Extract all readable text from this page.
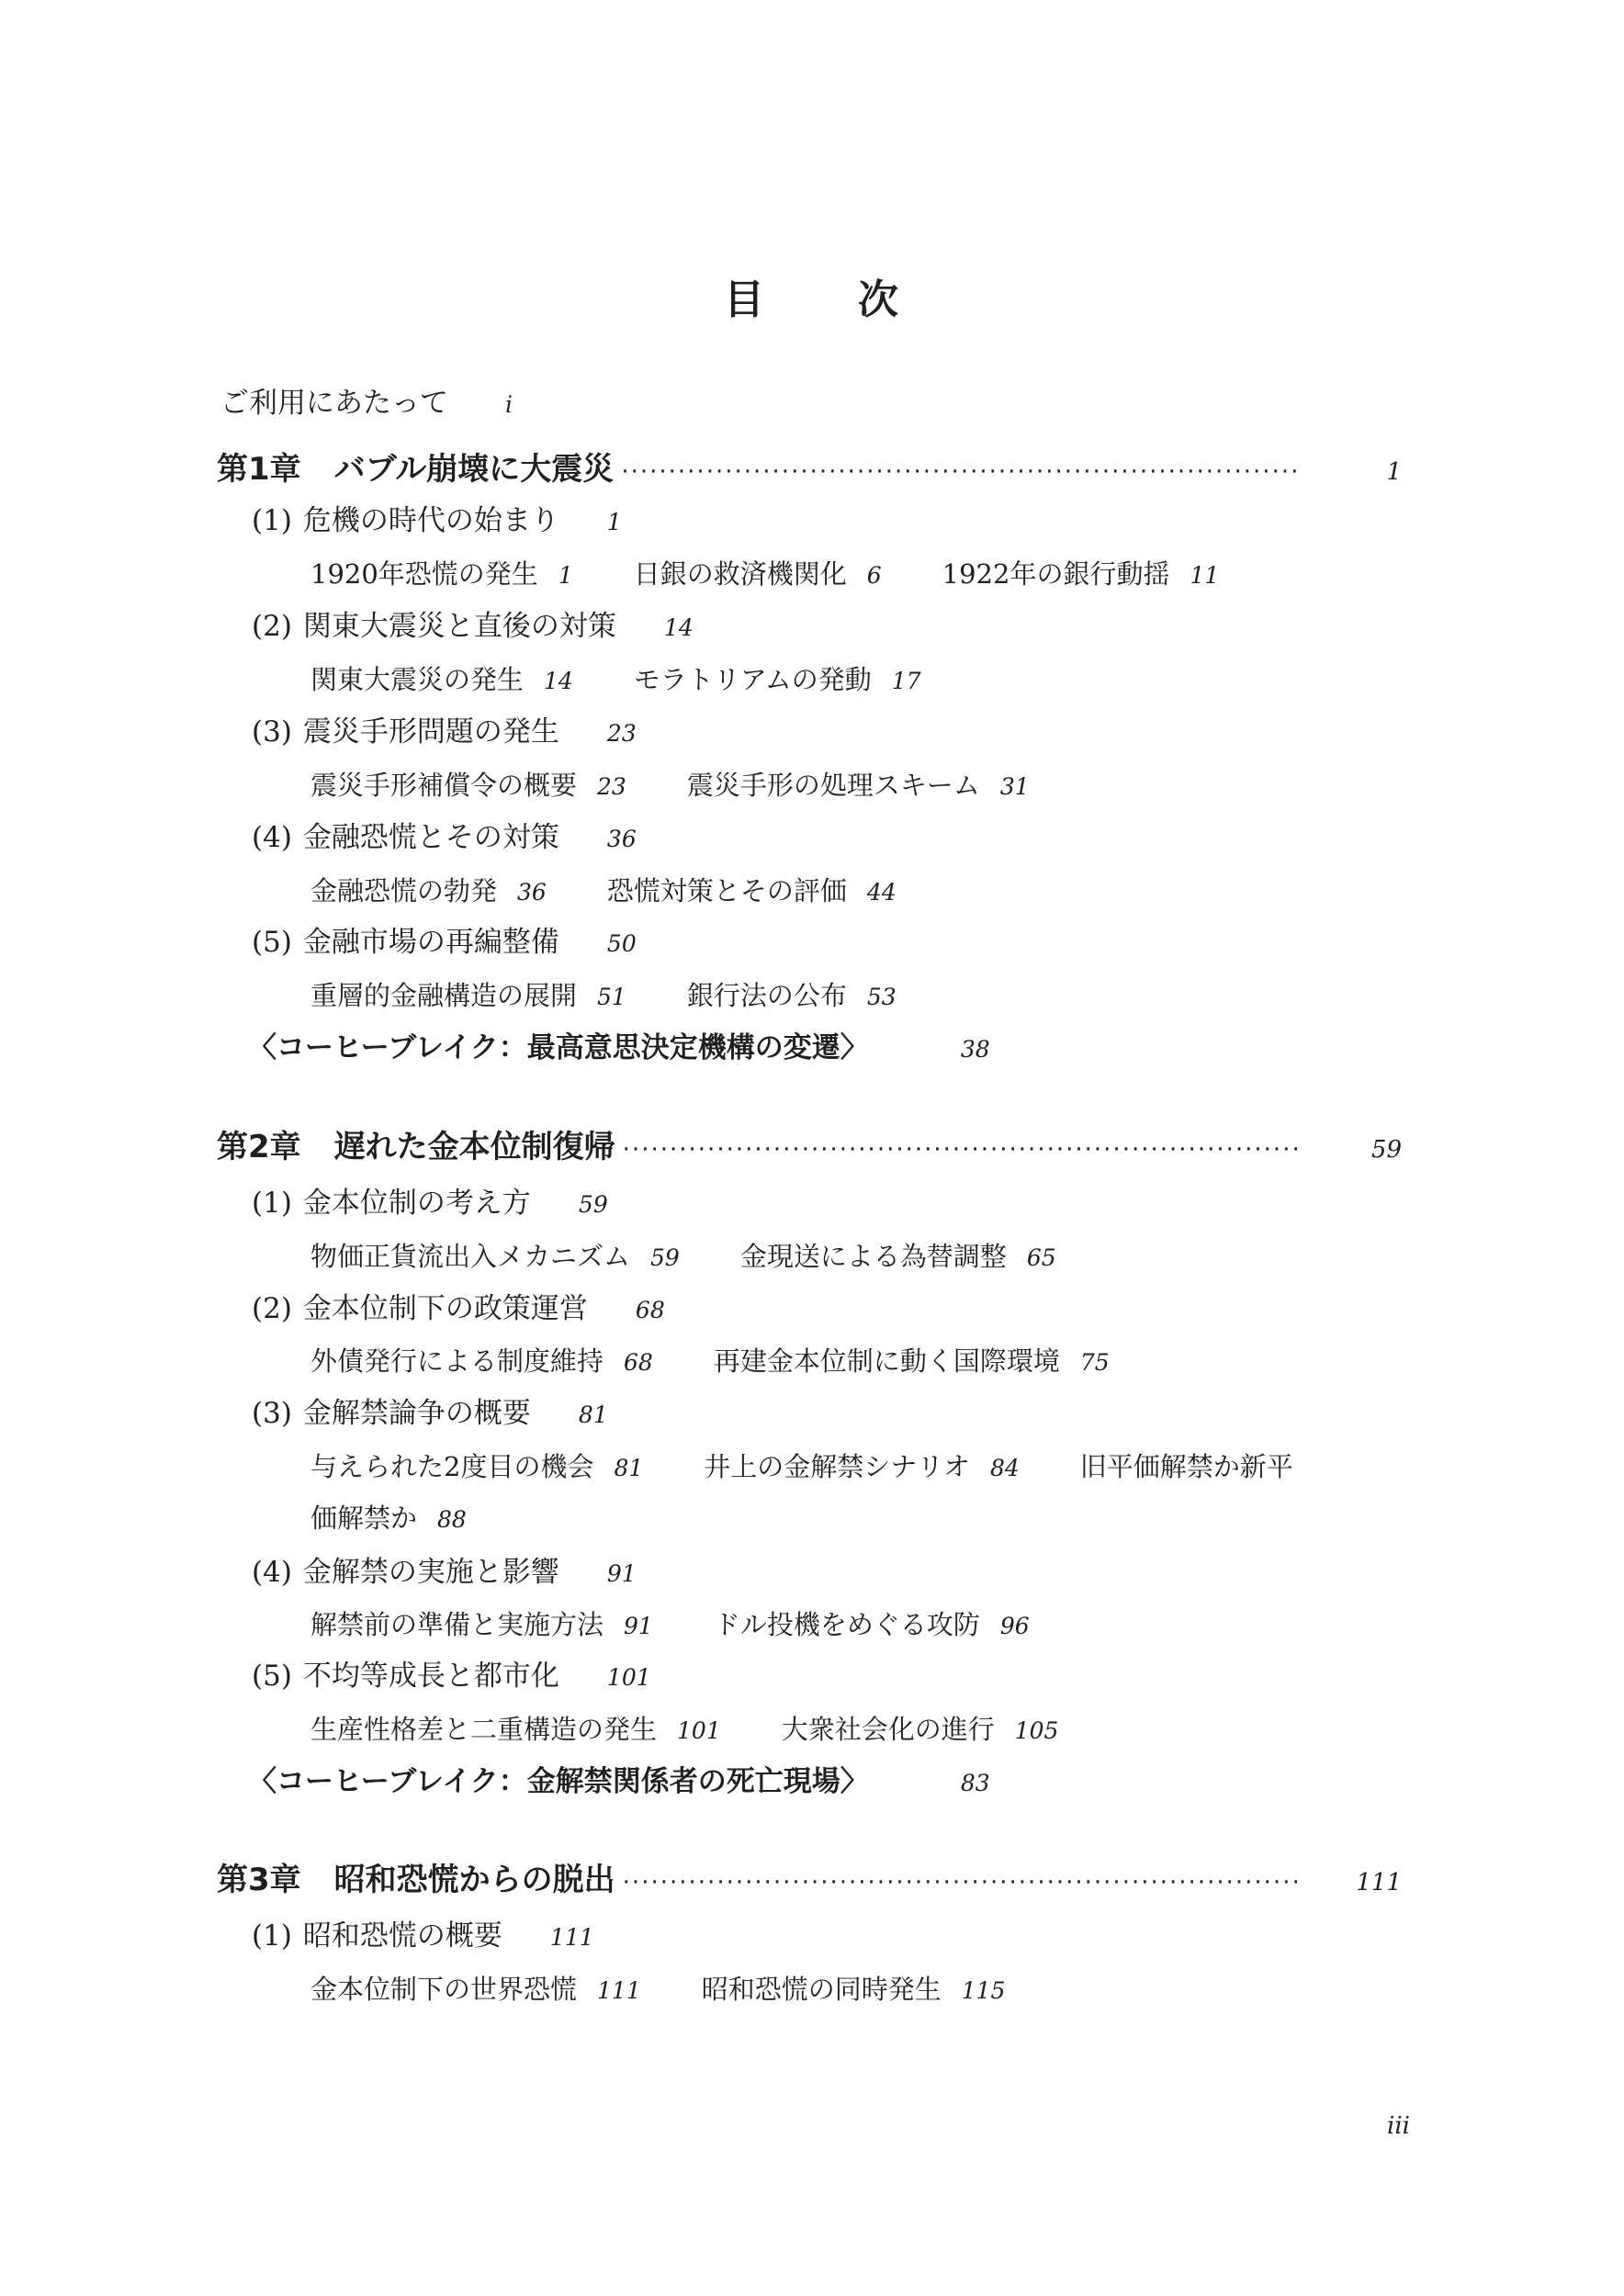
目 次
ご利用にあたって i
第1章 バブル崩壊に大震災 ········································································	1
(1) 危機の時代の始まり 1
1920年恐慌の発生 1 日銀の救済機関化 6 1922年の銀行動揺 11
(2) 関東大震災と直後の対策 14
関東大震災の発生 14 モラトリアムの発動 17
(3) 震災手形問題の発生 23
震災手形補償令の概要 23 震災手形の処理スキーム 31
(4) 金融恐慌とその対策 36
金融恐慌の勃発 36 恐慌対策とその評価 44
(5) 金融市場の再編整備 50
重層的金融構造の展開 51 銀行法の公布 53
〈コーヒーブレイク：最高意思決定機構の変遷〉	38
第2章 遅れた金本位制復帰 ········································································	59
(1) 金本位制の考え方 59
物価正貨流出入メカニズム 59 金現送による為替調整 65
(2) 金本位制下の政策運営 68
外債発行による制度維持 68 再建金本位制に動く国際環境 75
(3) 金解禁論争の概要 81
与えられた2度目の機会 81 井上の金解禁シナリオ 84 旧平価解禁か新平
価解禁か 88
(4) 金解禁の実施と影響 91
解禁前の準備と実施方法 91 ドル投機をめぐる攻防 96
(5) 不均等成長と都市化 101
生産性格差と二重構造の発生 101 大衆社会化の進行 105
〈コーヒーブレイク：金解禁関係者の死亡現場〉	83
第3章 昭和恐慌からの脱出 ········································································	111
(1) 昭和恐慌の概要 111
金本位制下の世界恐慌 111 昭和恐慌の同時発生 115
iii
